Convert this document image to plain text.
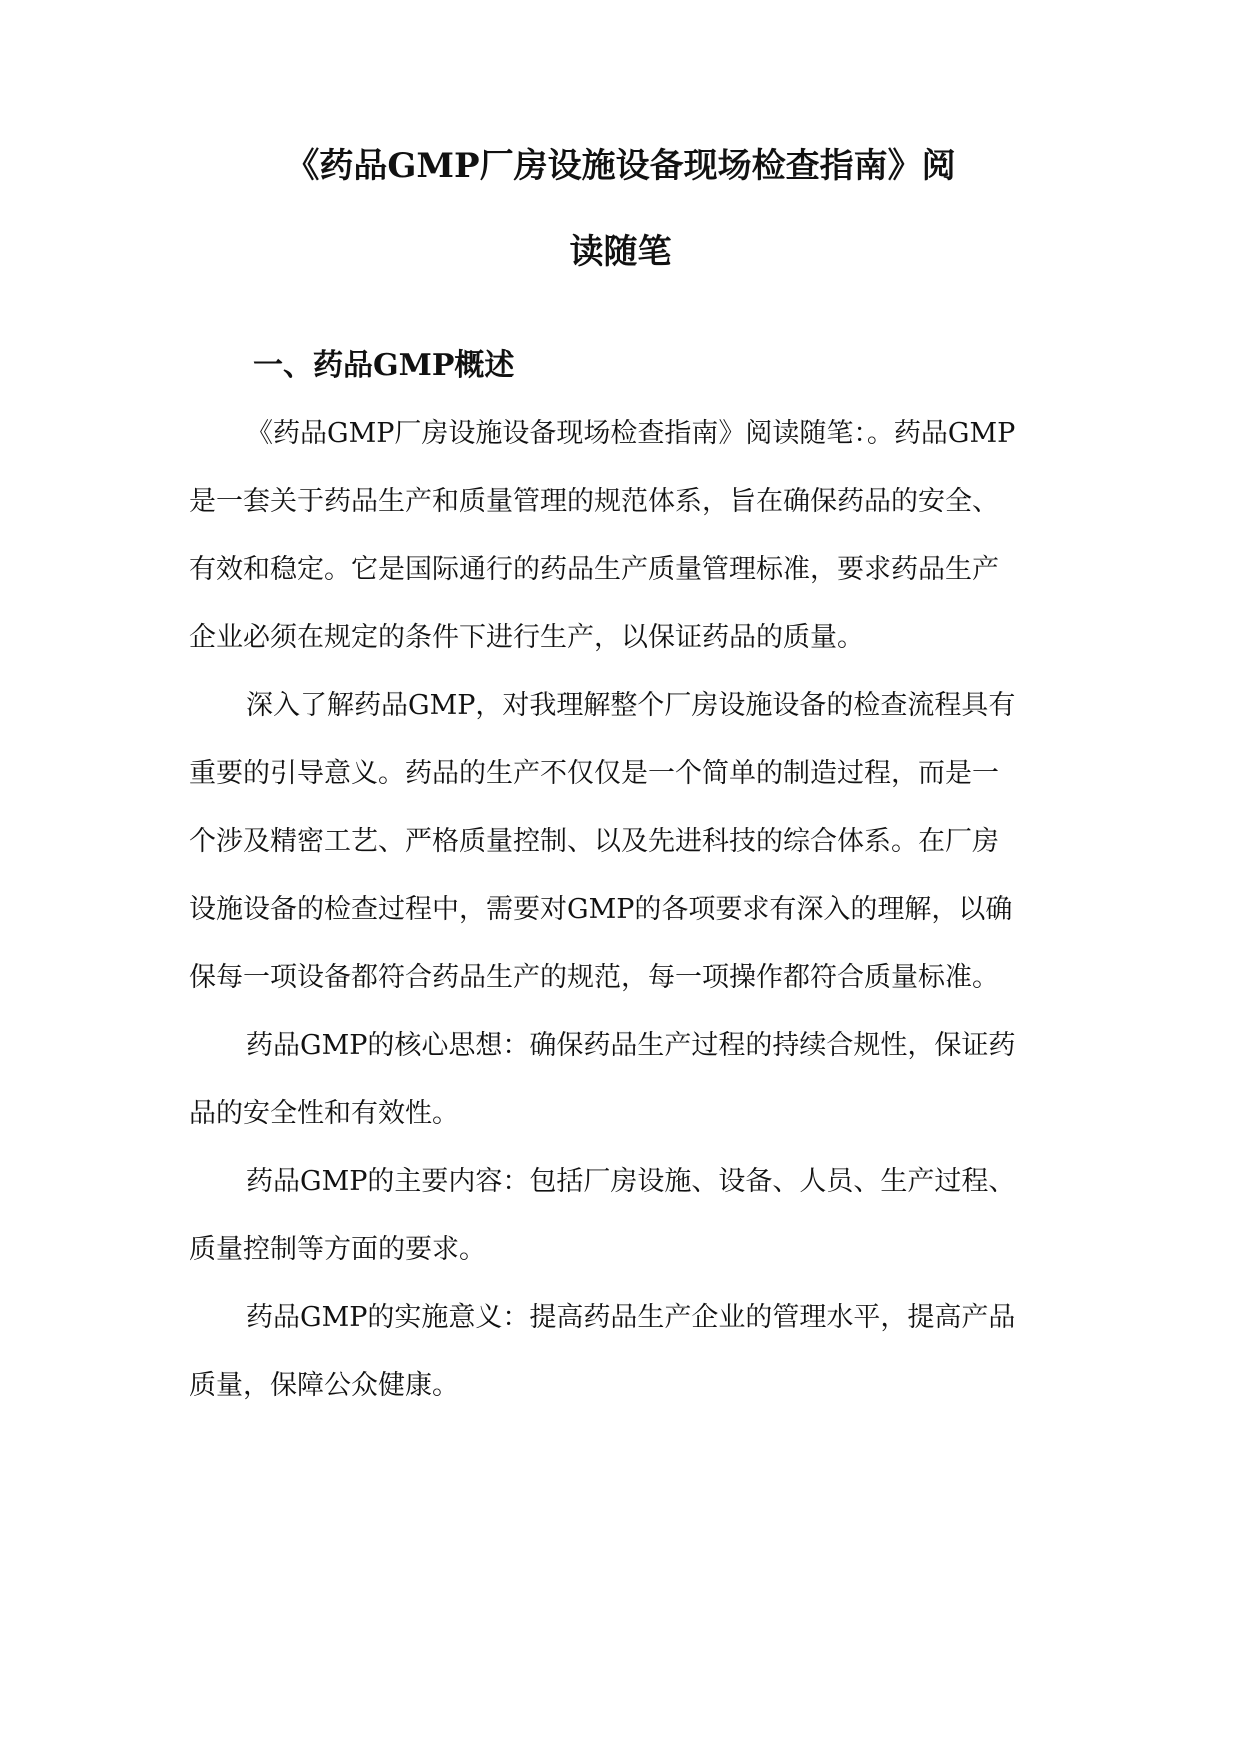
《药品GMP厂房设施设备现场检查指南》阅
读随笔
一、药品GMP概述
《药品GMP厂房设施设备现场检查指南》阅读随笔：。药品GMP
是一套关于药品生产和质量管理的规范体系，旨在确保药品的安全、
有效和稳定。它是国际通行的药品生产质量管理标准，要求药品生产
企业必须在规定的条件下进行生产，以保证药品的质量。
深入了解药品GMP，对我理解整个厂房设施设备的检查流程具有
重要的引导意义。药品的生产不仅仅是一个简单的制造过程，而是一
个涉及精密工艺、严格质量控制、以及先进科技的综合体系。在厂房
设施设备的检查过程中，需要对GMP的各项要求有深入的理解，以确
保每一项设备都符合药品生产的规范，每一项操作都符合质量标准。
药品GMP的核心思想：确保药品生产过程的持续合规性，保证药
品的安全性和有效性。
药品GMP的主要内容：包括厂房设施、设备、人员、生产过程、
质量控制等方面的要求。
药品GMP的实施意义：提高药品生产企业的管理水平，提高产品
质量，保障公众健康。
